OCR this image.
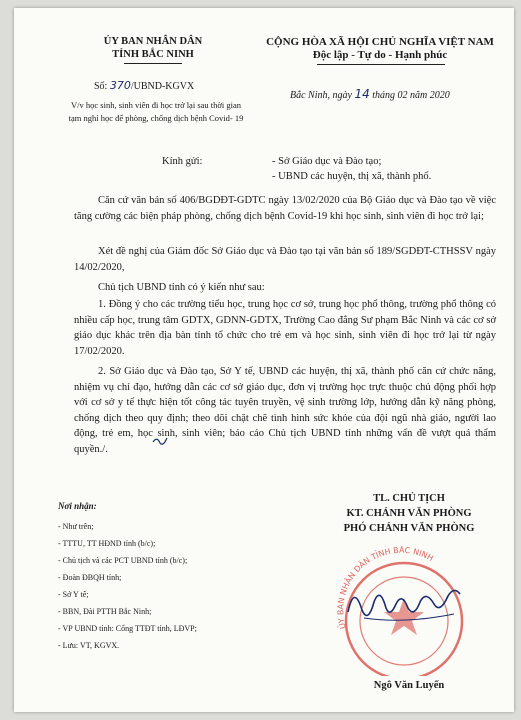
ỦY BAN NHÂN DÂN
TỈNH BẮC NINH
CỘNG HÒA XÃ HỘI CHỦ NGHĨA VIỆT NAM
Độc lập - Tự do - Hạnh phúc
Số: 370/UBND-KGVX
V/v học sinh, sinh viên đi học trở lại sau thời gian tạm nghỉ học để phòng, chống dịch bệnh Covid- 19
Bắc Ninh, ngày 14 tháng 02 năm 2020
Kính gửi:	- Sở Giáo dục và Đào tạo;
- UBND các huyện, thị xã, thành phố.

Căn cứ văn bản số 406/BGDĐT-GDTC ngày 13/02/2020 của Bộ Giáo dục và Đào tạo về việc tăng cường các biện pháp phòng, chống dịch bệnh Covid-19 khi học sinh, sinh viên đi học trở lại;

Xét đề nghị của Giám đốc Sở Giáo dục và Đào tạo tại văn bản số 189/SGDĐT-CTHSSV ngày 14/02/2020,

Chủ tịch UBND tỉnh có ý kiến như sau:

1. Đồng ý cho các trường tiểu học, trung học cơ sở, trung học phổ thông, trường phổ thông có nhiều cấp học, trung tâm GDTX, GDNN-GDTX, Trường Cao đẳng Sư phạm Bắc Ninh và các cơ sở giáo dục khác trên địa bàn tỉnh tổ chức cho trẻ em và học sinh, sinh viên đi học trở lại từ ngày 17/02/2020.

2. Sở Giáo dục và Đào tạo, Sở Y tế, UBND các huyện, thị xã, thành phố căn cứ chức năng, nhiệm vụ chỉ đạo, hướng dẫn các cơ sở giáo dục, đơn vị trường học trực thuộc chủ động phối hợp với cơ sở y tế thực hiện tốt công tác tuyên truyền, vệ sinh trường lớp, hướng dẫn kỹ năng phòng, chống dịch theo quy định; theo dõi chặt chẽ tình hình sức khỏe của đội ngũ nhà giáo, người lao động, trẻ em, học sinh, sinh viên; báo cáo Chủ tịch UBND tỉnh những vấn đề vượt quá thẩm quyền./.

Nơi nhận:
- Như trên;
- TTTU, TT HĐND tỉnh (b/c);
- Chủ tịch và các PCT UBND tỉnh (b/c);
- Đoàn ĐBQH tỉnh;
- Sở Y tế;
- BBN, Đài PTTH Bắc Ninh;
- VP UBND tỉnh: Cổng TTĐT tỉnh, LĐVP;
- Lưu: VT, KGVX.
TL. CHỦ TỊCH
KT. CHÁNH VĂN PHÒNG
PHÓ CHÁNH VĂN PHÒNG
ỦY BAN NHÂN DÂN TỈNH BẮC NINH
Ngô Văn Luyến
